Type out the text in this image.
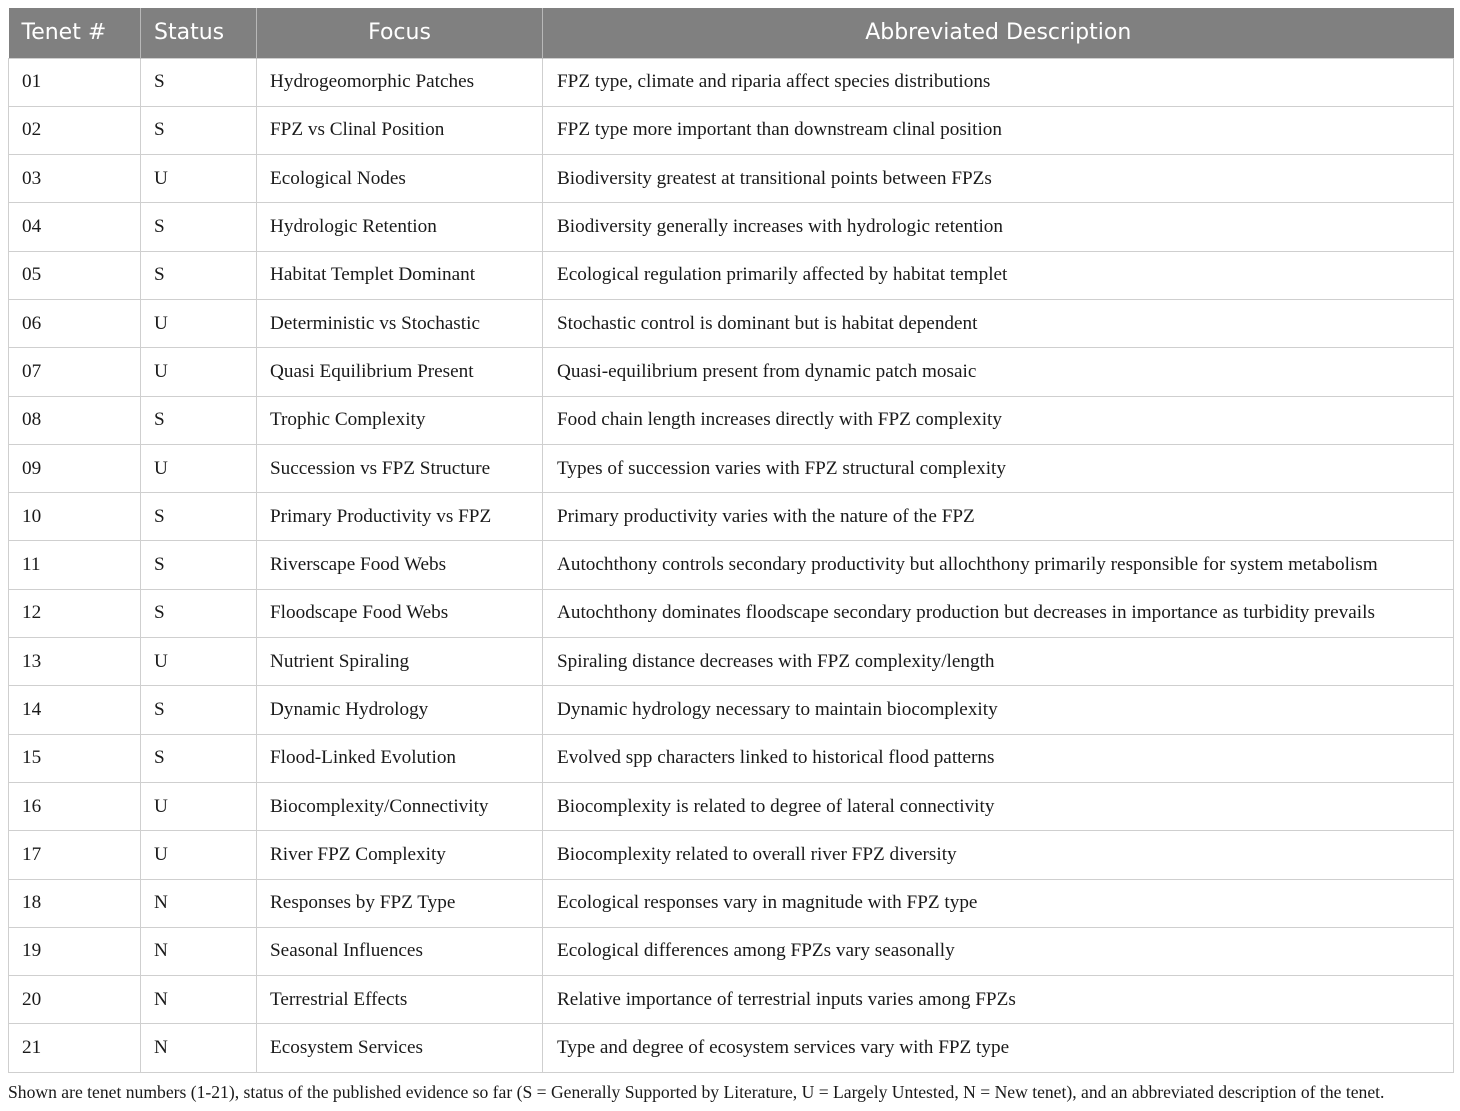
Tenet #	Status	Focus	Abbreviated Description
01	S	Hydrogeomorphic Patches	FPZ type, climate and riparia affect species distributions
02	S	FPZ vs Clinal Position	FPZ type more important than downstream clinal position
03	U	Ecological Nodes	Biodiversity greatest at transitional points between FPZs
04	S	Hydrologic Retention	Biodiversity generally increases with hydrologic retention
05	S	Habitat Templet Dominant	Ecological regulation primarily affected by habitat templet
06	U	Deterministic vs Stochastic	Stochastic control is dominant but is habitat dependent
07	U	Quasi Equilibrium Present	Quasi-equilibrium present from dynamic patch mosaic
08	S	Trophic Complexity	Food chain length increases directly with FPZ complexity
09	U	Succession vs FPZ Structure	Types of succession varies with FPZ structural complexity
10	S	Primary Productivity vs FPZ	Primary productivity varies with the nature of the FPZ
11	S	Riverscape Food Webs	Autochthony controls secondary productivity but allochthony primarily responsible for system metabolism
12	S	Floodscape Food Webs	Autochthony dominates floodscape secondary production but decreases in importance as turbidity prevails
13	U	Nutrient Spiraling	Spiraling distance decreases with FPZ complexity/length
14	S	Dynamic Hydrology	Dynamic hydrology necessary to maintain biocomplexity
15	S	Flood-Linked Evolution	Evolved spp characters linked to historical flood patterns
16	U	Biocomplexity/Connectivity	Biocomplexity is related to degree of lateral connectivity
17	U	River FPZ Complexity	Biocomplexity related to overall river FPZ diversity
18	N	Responses by FPZ Type	Ecological responses vary in magnitude with FPZ type
19	N	Seasonal Influences	Ecological differences among FPZs vary seasonally
20	N	Terrestrial Effects	Relative importance of terrestrial inputs varies among FPZs
21	N	Ecosystem Services	Type and degree of ecosystem services vary with FPZ type
Shown are tenet numbers (1-21), status of the published evidence so far (S = Generally Supported by Literature, U = Largely Untested, N = New tenet), and an abbreviated description of the tenet.
